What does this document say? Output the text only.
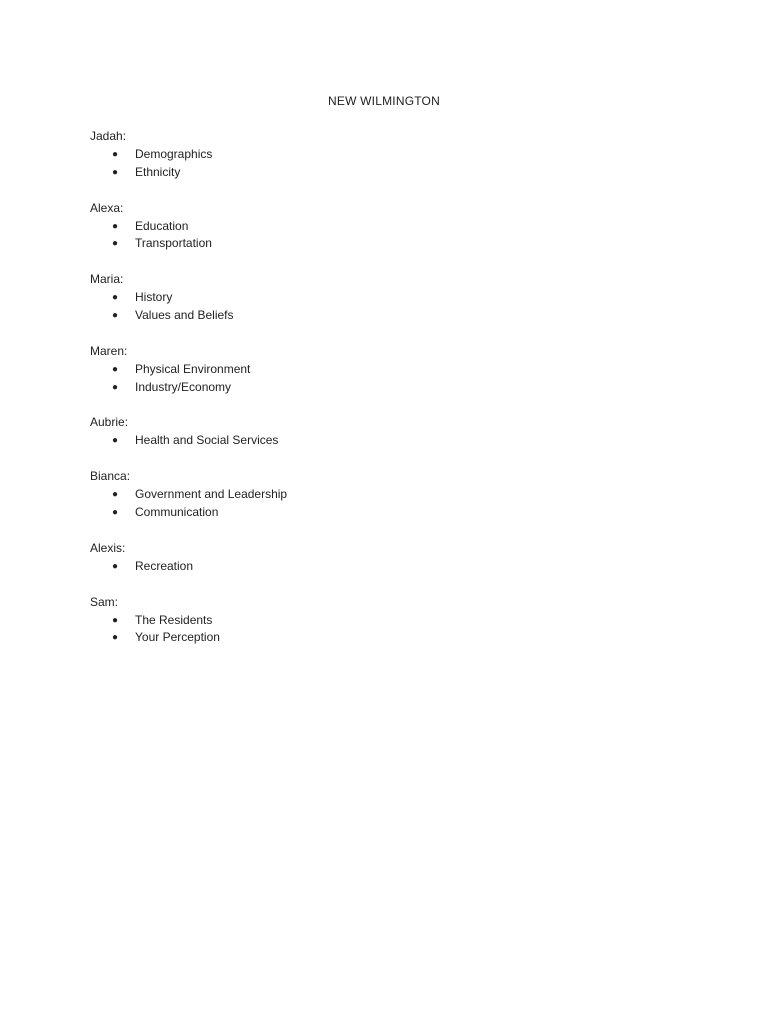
NEW WILMINGTON
Jadah:
● Demographics
● Ethnicity
Alexa:
● Education
● Transportation
Maria:
● History
● Values and Beliefs
Maren:
● Physical Environment
● Industry/Economy
Aubrie:
● Health and Social Services
Bianca:
● Government and Leadership
● Communication
Alexis:
● Recreation
Sam:
● The Residents
● Your Perception
